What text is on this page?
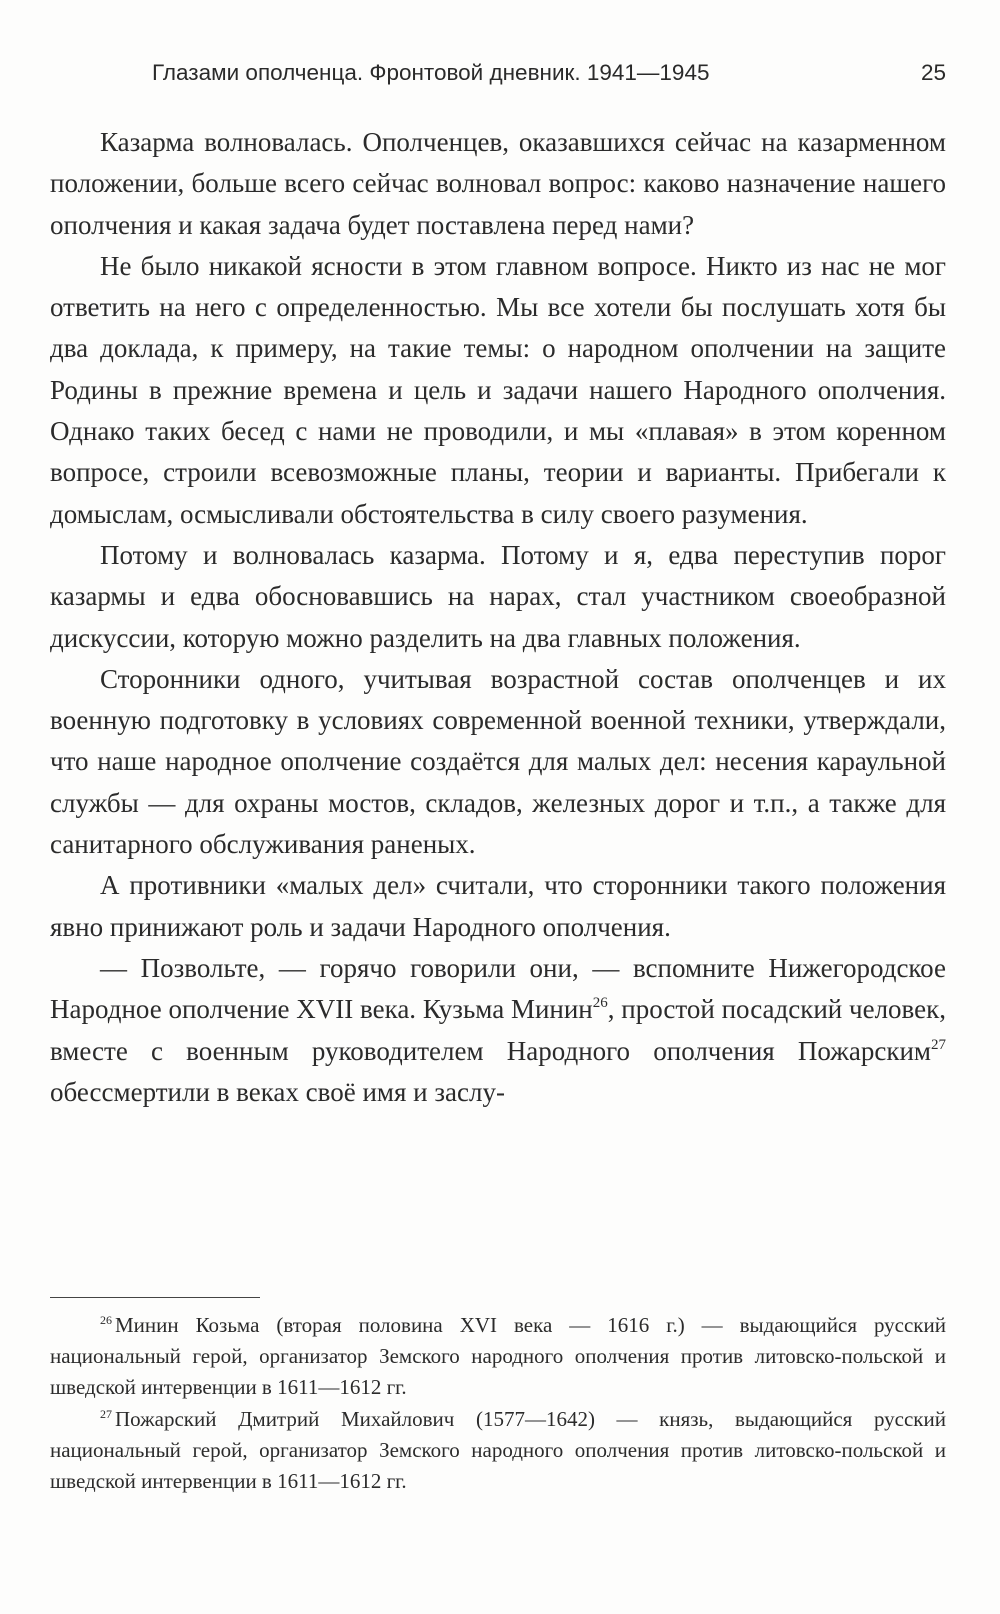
Глазами ополченца. Фронтовой дневник. 1941—1945	25

Казарма волновалась. Ополченцев, оказавшихся сейчас на казарменном положении, больше всего сейчас волновал вопрос: каково назначение нашего ополчения и какая задача будет поставлена перед нами?

Не было никакой ясности в этом главном вопросе. Никто из нас не мог ответить на него с определенностью. Мы все хотели бы послушать хотя бы два доклада, к примеру, на такие темы: о народном ополчении на защите Родины в прежние времена и цель и задачи нашего Народного ополчения. Однако таких бесед с нами не проводили, и мы «плавая» в этом коренном вопросе, строили всевозможные планы, теории и варианты. Прибегали к домыслам, осмысливали обстоятельства в силу своего разумения.

Потому и волновалась казарма. Потому и я, едва переступив порог казармы и едва обосновавшись на нарах, стал участником своеобразной дискуссии, которую можно разделить на два главных положения.

Сторонники одного, учитывая возрастной состав ополченцев и их военную подготовку в условиях современной военной техники, утверждали, что наше народное ополчение создаётся для малых дел: несения караульной службы — для охраны мостов, складов, железных дорог и т.п., а также для санитарного обслуживания раненых.

А противники «малых дел» считали, что сторонники такого положения явно принижают роль и задачи Народного ополчения.

— Позвольте, — горячо говорили они, — вспомните Нижегородское Народное ополчение XVII века. Кузьма Минин$^{26}$, простой посадский человек, вместе с военным руководителем Народного ополчения Пожарским$^{27}$ обессмертили в веках своё имя и заслу-

$^{26}$ Минин Козьма (вторая половина XVI века — 1616 г.) — выдающийся русский национальный герой, организатор Земского народного ополчения против литовско-польской и шведской интервенции в 1611—1612 гг.

$^{27}$ Пожарский Дмитрий Михайлович (1577—1642) — князь, выдающийся русский национальный герой, организатор Земского народного ополчения против литовско-польской и шведской интервенции в 1611—1612 гг.
